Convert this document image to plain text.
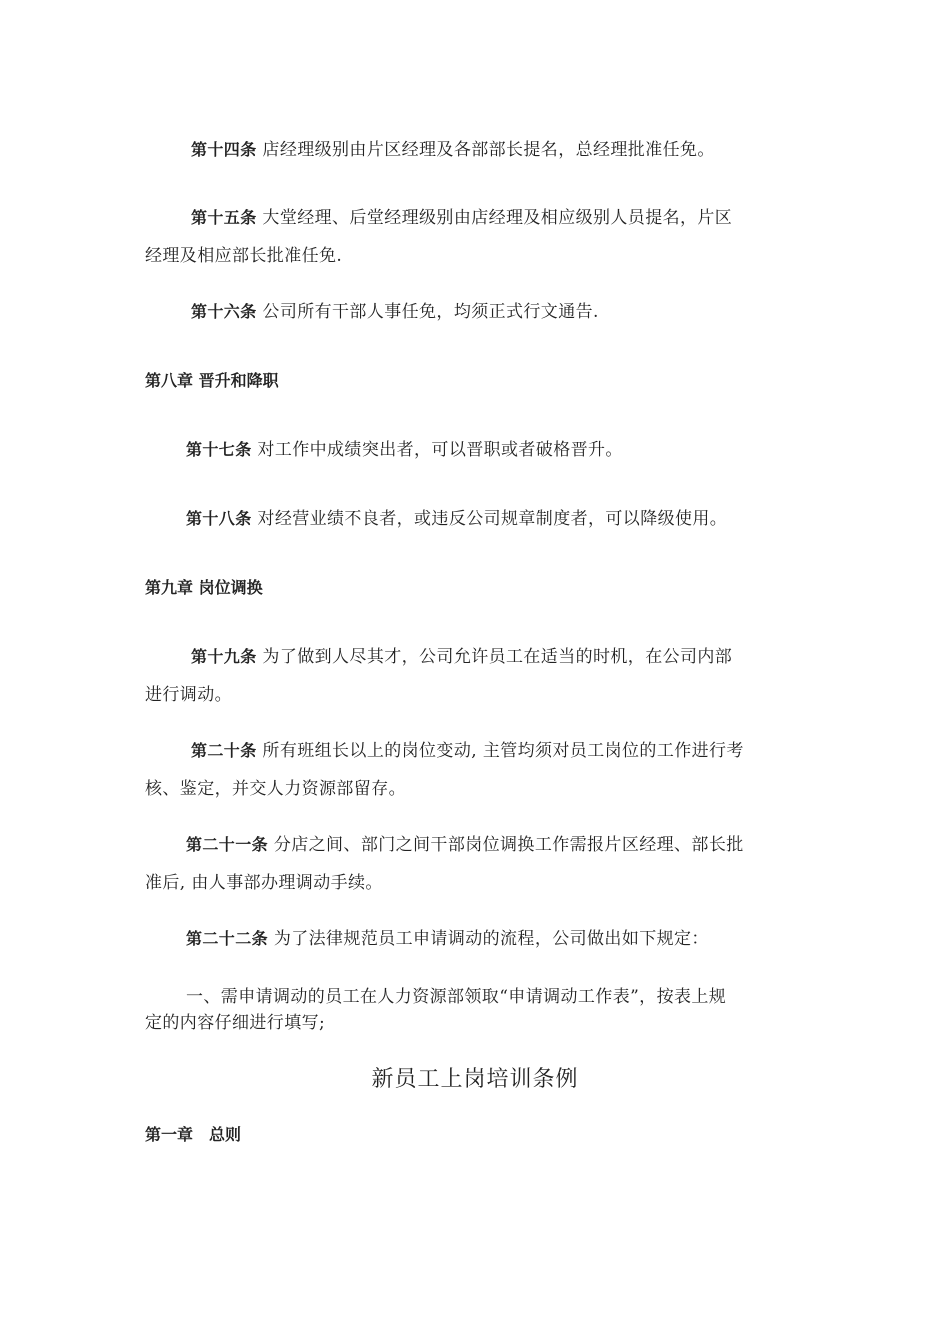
第十四条 店经理级别由片区经理及各部部长提名，总经理批准任免。
第十五条 大堂经理、后堂经理级别由店经理及相应级别人员提名，片区
经理及相应部长批准任免.
第十六条 公司所有干部人事任免，均须正式行文通告.
第八章 晋升和降职
第十七条 对工作中成绩突出者，可以晋职或者破格晋升。
第十八条 对经营业绩不良者，或违反公司规章制度者，可以降级使用。
第九章 岗位调换
第十九条 为了做到人尽其才，公司允许员工在适当的时机，在公司内部
进行调动。
第二十条 所有班组长以上的岗位变动, 主管均须对员工岗位的工作进行考
核、鉴定，并交人力资源部留存。
第二十一条 分店之间、部门之间干部岗位调换工作需报片区经理、部长批
准后, 由人事部办理调动手续。
第二十二条 为了法律规范员工申请调动的流程，公司做出如下规定：
一、需申请调动的员工在人力资源部领取“申请调动工作表”，按表上规
定的内容仔细进行填写;
新员工上岗培训条例
第一章　总则
